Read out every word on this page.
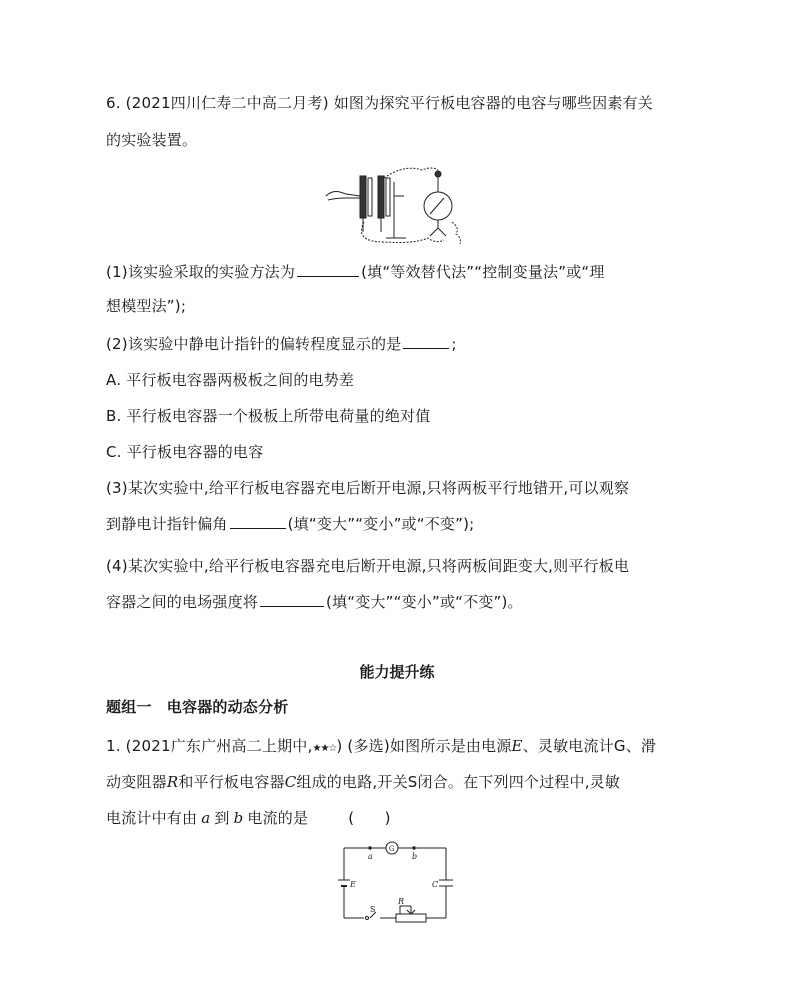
6. (2021四川仁寿二中高二月考) 如图为探究平行板电容器的电容与哪些因素有关
的实验装置。
(1)该实验采取的实验方法为	(填“等效替代法”“控制变量法”或“理
想模型法”);
(2)该实验中静电计指针的偏转程度显示的是	;
A. 平行板电容器两极板之间的电势差
B. 平行板电容器一个极板上所带电荷量的绝对值
C. 平行板电容器的电容
(3)某次实验中,给平行板电容器充电后断开电源,只将两板平行地错开,可以观察
到静电计指针偏角	(填“变大”“变小”或“不变”);
(4)某次实验中,给平行板电容器充电后断开电源,只将两板间距变大,则平行板电
容器之间的电场强度将	(填“变大”“变小”或“不变”)。
能力提升练
题组一　电容器的动态分析
1. (2021广东广州高二上期中,★★☆) (多选)如图所示是由电源E、灵敏电流计G、滑
动变阻器R和平行板电容器C组成的电路,开关S闭合。在下列四个过程中,灵敏
电流计中有由 a 到 b 电流的是	(　　)
G
a	b
E	C
R
S
